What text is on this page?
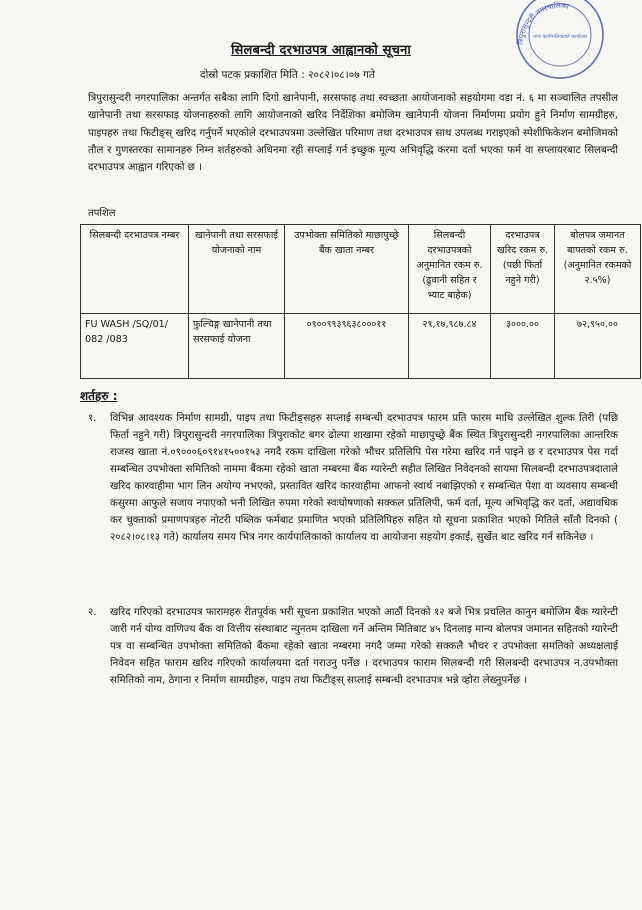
त्रिपुरासुन्दरी नगरपालिका
नगर कार्यपालिकाको कार्यालय
सिलबन्दी दरभाउपत्र आह्वानको सूचना
दोस्रो पटक प्रकाशित मिति : २०८२।०८।०७ गते
त्रिपुरासुन्दरी नगरपालिका अन्तर्गत सबैका लागि दिगो खानेपानी, सरसफाइ तथा स्वच्छता आयोजनाको सहयोगमा वडा नं. ६ मा सञ्चालित तपसील खानेपानी तथा सरसफाइ योजनाहरुको लागि आयोजनाको खरिद निर्देशिका बमोजिम खानेपानी योजना निर्माणमा प्रयोग हुने निर्माण सामग्रीहरु, पाइपहरु तथा फिटीङ्स् खरिद गर्नुपर्ने भएकोले दरभाउपत्रमा उल्लेखित परिमाण तथा दरभाउपत्र साथ उपलब्ध गराइएको स्पेशीफिकेशन बमोजिमको तौल र गुणस्तरका सामानहरु निम्न शर्तहरुको अधिनमा रही सप्लाई गर्न इच्छुक मूल्य अभिवृद्धि करमा दर्ता भएका फर्म वा सप्लायरबाट सिलबन्दी दरभाउपत्र आह्वान गरिएको छ ।
तपशिल
सिलबन्दी दरभाउपत्र नम्बर	खानेपानी तथा सरसफाई योजनाको नाम	उपभोक्ता समितिको माछापुच्छ्रे बैंक खाता नम्बर	सिलबन्दी दरभाउपत्रको अनुमानित रकम रु.(ढुवानी सहित र भ्याट बाहेक)	दरभाउपत्र खरिद रकम रु. (पछी फिर्ता नहुने गरी)	बोलपत्र जमानत बापतको रकम रु. (अनुमानित रकमको २.५%)
FU WASH /SQ/01/ 082 /083	फुल्चिङ्ग खानेपानी तथा सरसफाई योजना	०९००९९३९६३८०००११	२९,१७,९८७.८४	३०००.००	७२,९५०.००
शर्तहरु :
१.	विभिन्न आवश्यक निर्माण सामग्री, पाइप तथा फिटीङ्सहरु सप्लाई सम्बन्धी दरभाउपत्र फारम प्रति फारम माथि उल्लेखित शुल्क तिरी (पछि फिर्ता नहुने गरी) त्रिपुरासुन्दरी नगरपालिका त्रिपुराकोट बगर ढोल्पा शाखामा रहेको माछापुच्छ्रे बैंक स्थित त्रिपुरासुन्दरी नगरपालिका आन्तरिक राजस्व खाता नं.०९०००६०९१४१५००१५३ नगदै रकम दाखिला गरेको भौचर प्रतिलिपि पेस गरेमा खरिद गर्न पाइने छ र दरभाउपत्र पेस गर्दा सम्बन्धित उपभोक्ता समितिको नाममा बैंकमा रहेको खाता नम्बरमा बैंक ग्यारेन्टी सहीत लिखित निवेदनको सायमा सिलबन्दी दरभाउपत्रदाताले खरिद कारवाहीमा भाग लिन अयोग्य नभएको, प्रस्तावित खरिद कारवाहीमा आफनो स्वार्थ नबाझिएको र सम्बन्धित पेशा वा व्यवसाय सम्बन्धी कसुरमा आफुले सजाय नपाएको भनी लिखित रुपमा गरेको स्वःघोषणाको सक्कल प्रतिलिपी, फर्म दर्ता, मूल्य अभिवृद्धि कर दर्ता, अद्यावधिक कर चुक्ताको प्रमाणपत्रहरु नोटरी पब्लिक फर्मबाट प्रमाणित भएको प्रतिलिपिहरु सहित यो सूचना प्रकाशित भएको मितिले साँतौ दिनको ( २०८२।०८।१३ गते) कार्यालय समय भित्र नगर कार्यपालिकाको कार्यालय वा आयोजना सहयोग इकाई, सुर्खेत बाट खरिद गर्न सकिनेछ ।
२.	खरिद गरिएको दरभाउपत्र फारामहरु रीतपूर्वक भरी सूचना प्रकाशित भएको आठौं दिनको १२ बजे भित्र प्रचलित कानुन बमोजिम बैंक ग्यारेन्टी जारी गर्न योग्य वाणिज्य बैंक वा वित्तीय संस्थाबाट न्युनतम दाखिला गर्ने अन्तिम मितिबाट ४५ दिनलाइ मान्य बोलपत्र जमानत सहितको ग्यारेन्टी पत्र वा सम्बन्धित उपभोक्ता समितिको बैंकमा रहेको खाता नम्बरमा नगदै जम्मा गरेको सक्कलै भौचर र उपभोक्ता समतिको अध्यक्षलाई निवेदन सहित फाराम खरिद गरिएको कार्यालयमा दर्ता गराउनु पर्नेछ । दरभाउपत्र फाराम सिलबन्दी गरी सिलबन्दी दरभाउपत्र न.उपभोक्ता समितिको नाम, ठेगाना र निर्माण सामग्रीहरु, पाइप तथा फिटीङ्स् सप्लाई सम्बन्धी दरभाउपत्र भन्ने व्होरा लेख्नुपर्नेछ ।
